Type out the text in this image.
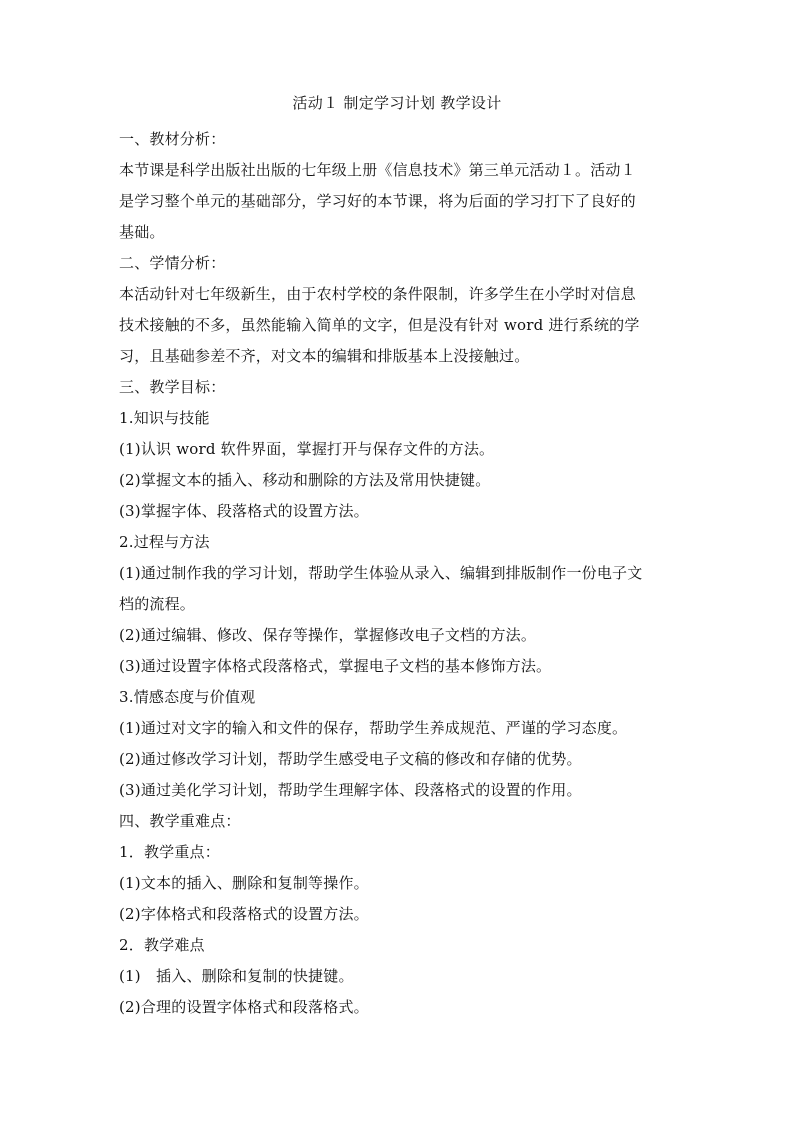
活动１ 制定学习计划 教学设计
一、教材分析：
本节课是科学出版社出版的七年级上册《信息技术》第三单元活动１。活动１
是学习整个单元的基础部分，学习好的本节课，将为后面的学习打下了良好的
基础。
二、学情分析：
本活动针对七年级新生，由于农村学校的条件限制，许多学生在小学时对信息
技术接触的不多，虽然能输入简单的文字，但是没有针对 word 进行系统的学
习，且基础参差不齐，对文本的编辑和排版基本上没接触过。
三、教学目标：
1.知识与技能
(1)认识 word 软件界面，掌握打开与保存文件的方法。
(2)掌握文本的插入、移动和删除的方法及常用快捷键。
(3)掌握字体、段落格式的设置方法。
2.过程与方法
(1)通过制作我的学习计划，帮助学生体验从录入、编辑到排版制作一份电子文
档的流程。
(2)通过编辑、修改、保存等操作，掌握修改电子文档的方法。
(3)通过设置字体格式段落格式，掌握电子文档的基本修饰方法。
3.情感态度与价值观
(1)通过对文字的输入和文件的保存，帮助学生养成规范、严谨的学习态度。
(2)通过修改学习计划，帮助学生感受电子文稿的修改和存储的优势。
(3)通过美化学习计划，帮助学生理解字体、段落格式的设置的作用。
四、教学重难点：
1．教学重点：
(1)文本的插入、删除和复制等操作。
(2)字体格式和段落格式的设置方法。
2．教学难点
(1)　插入、删除和复制的快捷键。
(2)合理的设置字体格式和段落格式。
